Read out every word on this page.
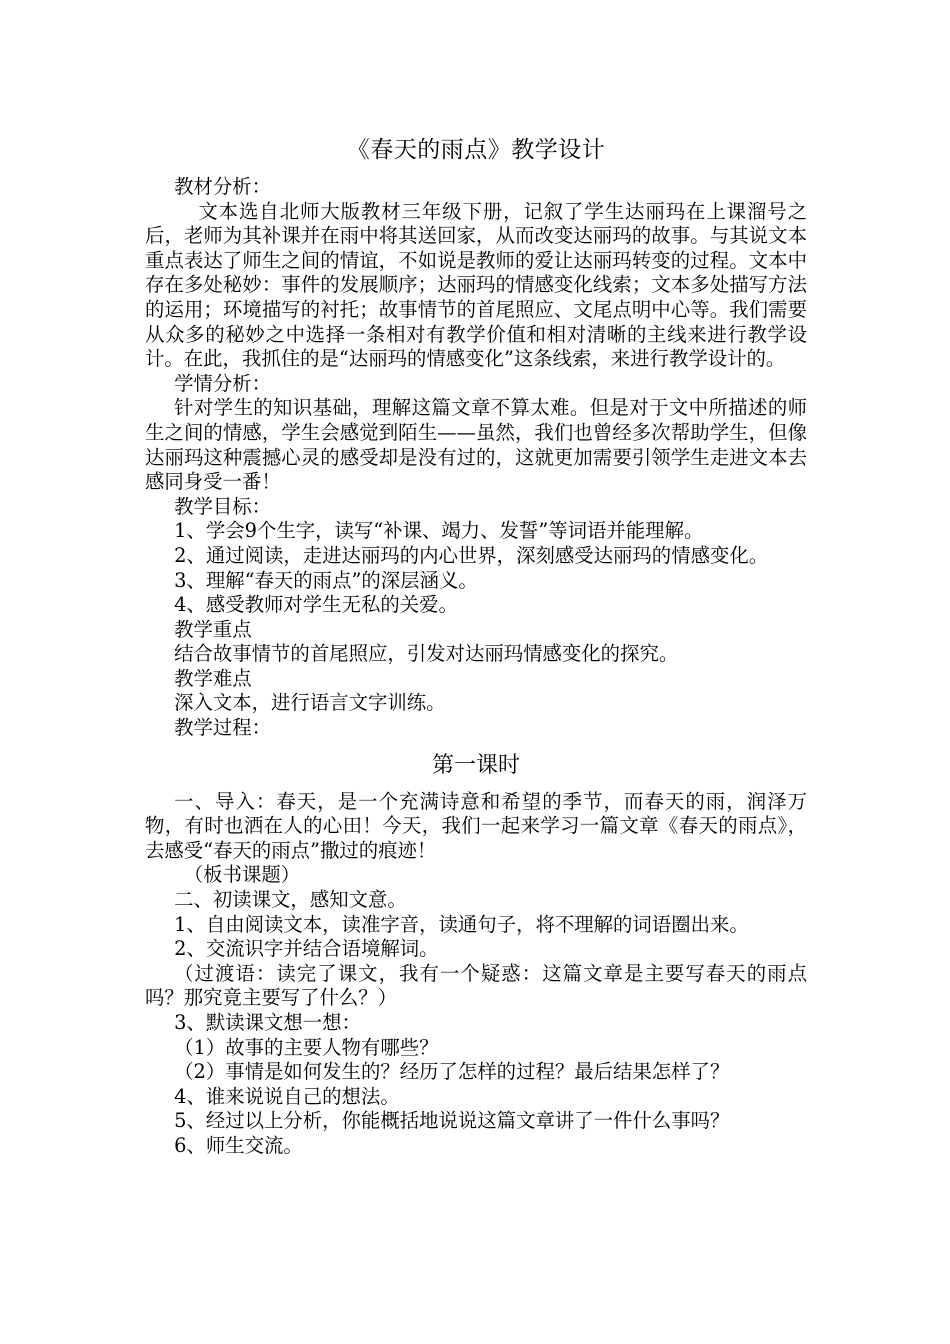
《春天的雨点》教学设计

教材分析：

文本选自北师大版教材三年级下册，记叙了学生达丽玛在上课溜号之后，老师为其补课并在雨中将其送回家，从而改变达丽玛的故事。与其说文本重点表达了师生之间的情谊，不如说是教师的爱让达丽玛转变的过程。文本中存在多处秘妙：事件的发展顺序；达丽玛的情感变化线索；文本多处描写方法的运用；环境描写的衬托；故事情节的首尾照应、文尾点明中心等。我们需要从众多的秘妙之中选择一条相对有教学价值和相对清晰的主线来进行教学设计。在此，我抓住的是“达丽玛的情感变化”这条线索，来进行教学设计的。

学情分析：

针对学生的知识基础，理解这篇文章不算太难。但是对于文中所描述的师生之间的情感，学生会感觉到陌生——虽然，我们也曾经多次帮助学生，但像达丽玛这种震撼心灵的感受却是没有过的，这就更加需要引领学生走进文本去感同身受一番！

教学目标：

1、学会9个生字，读写“补课、竭力、发誓”等词语并能理解。

2、通过阅读，走进达丽玛的内心世界，深刻感受达丽玛的情感变化。

3、理解“春天的雨点”的深层涵义。

4、感受教师对学生无私的关爱。

教学重点

结合故事情节的首尾照应，引发对达丽玛情感变化的探究。

教学难点

深入文本，进行语言文字训练。

教学过程：

第一课时

一、导入：春天，是一个充满诗意和希望的季节，而春天的雨，润泽万物，有时也洒在人的心田！今天，我们一起来学习一篇文章《春天的雨点》，去感受“春天的雨点”撒过的痕迹！

（板书课题）

二、初读课文，感知文意。

1、自由阅读文本，读准字音，读通句子，将不理解的词语圈出来。

2、交流识字并结合语境解词。

（过渡语：读完了课文，我有一个疑惑：这篇文章是主要写春天的雨点吗？那究竟主要写了什么？）

3、默读课文想一想：

（1）故事的主要人物有哪些？

（2）事情是如何发生的？经历了怎样的过程？最后结果怎样了？

4、谁来说说自己的想法。

5、经过以上分析，你能概括地说说这篇文章讲了一件什么事吗？

6、师生交流。
